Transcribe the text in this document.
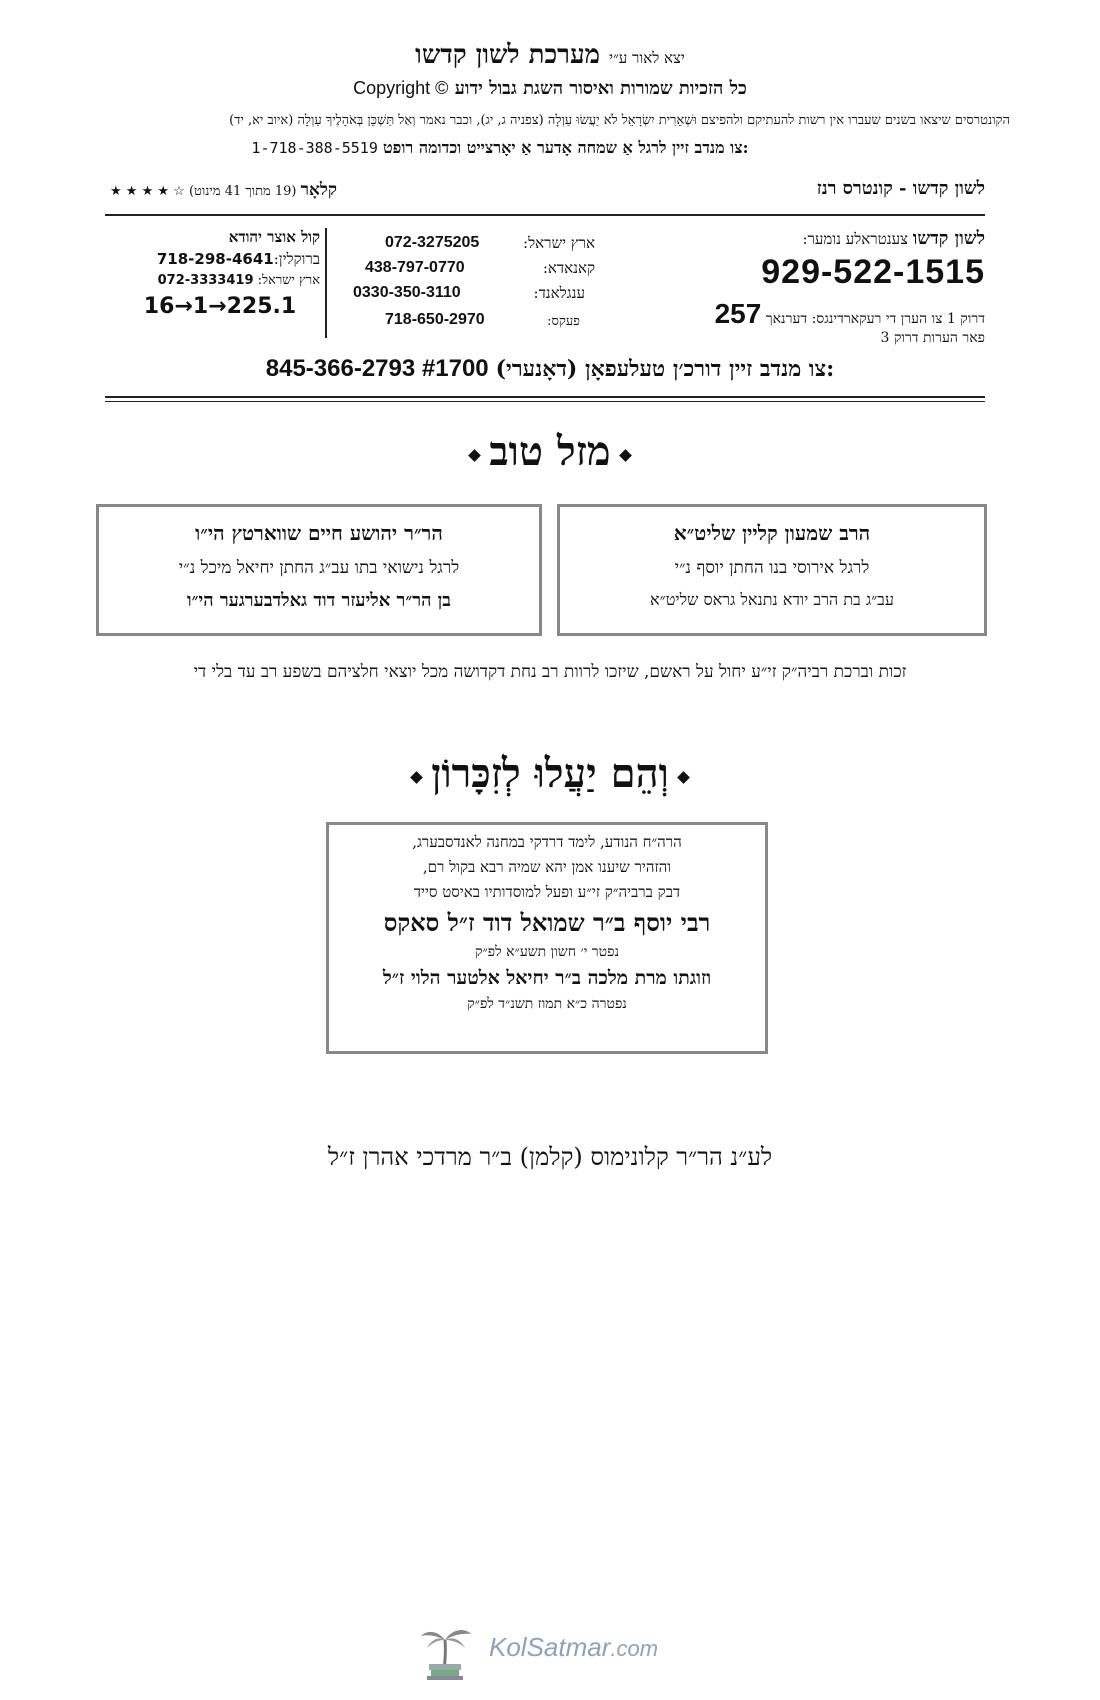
יצא לאור ע״י מערכת לשון קדשו
Copyright © כל הזכיות שמורות ואיסור השגת גבול ידוע
הקונטרסים שיצאו בשנים שעברו אין רשות להעתיקם ולהפיצם וּשְׁאֵרִית יִשְׂרָאֵל לֹא יַעֲשׂוּ עַוְלָה (צפניה ג, יג), וכבר נאמר וְאַל תַּשְׁכֵּן בְּאֹהָלֶיךָ עַוְלָה (איוב יא, יד)
1-718-388-5519 צו מנדב זיין לרגל אַ שמחה אָדער אַ יאָרצייט וכדומה רופט:
לשון קדשו - קונטרס רנז
★ ★ ★ ★ ☆	קלאָר (19 מתוך 41 מינוט)
לשון קדשו צענטראלע נומער:
929-522-1515
דרוק 1 צו הערן די רעקארדינגס: דערנאך 257
פאר הערות דרוק 3
ארץ ישראל:
072-3275205
קאנאדא:
438-797-0770
ענגלאנד:
0330-350-3110
פעקס:
718-650-2970
קול אוצר יהודא
ברוקלין:718-298-4641
ארץ ישראל: 072-3333419
16→1→225.1
845-366-2793 #1700 צו מנדב זיין דורכ׳ן טעלעפאָן (דאָנערי):
מזל טוב
הרב שמעון קליין שליט״א
לרגל אירוסי בנו החתן יוסף נ״י
עב״ג בת הרב יודא נתנאל גראס שליט״א
הר״ר יהושע חיים שווארטץ הי״ו
לרגל נישואי בתו עב״ג החתן יחיאל מיכל נ״י
בן הר״ר אליעזר דוד גאלדבערגער הי״ו
זכות וברכת רביה״ק זי״ע יחול על ראשם, שיזכו לרוות רב נחת דקדושה מכל יוצאי חלציהם בשפע רב עד בלי די
וְהֵם יַעֲלוּ לְזִכָּרוֹן
הרה״ח הנודע, לימד דרדקי במחנה לאנדסבערג,
והזהיר שיענו אמן יהא שמיה רבא בקול רם,
דבק ברביה״ק זי״ע ופעל למוסדותיו באיסט סייד
רבי יוסף ב״ר שמואל דוד ז״ל סאקס
נפטר י׳ חשון תשע״א לפ״ק
וזוגתו מרת מלכה ב״ר יחיאל אלטער הלוי ז״ל
נפטרה כ״א תמוז תשנ״ד לפ״ק
לע״נ הר״ר קלונימוס (קלמן) ב״ר מרדכי אהרן ז״ל
KolSatmar.com
